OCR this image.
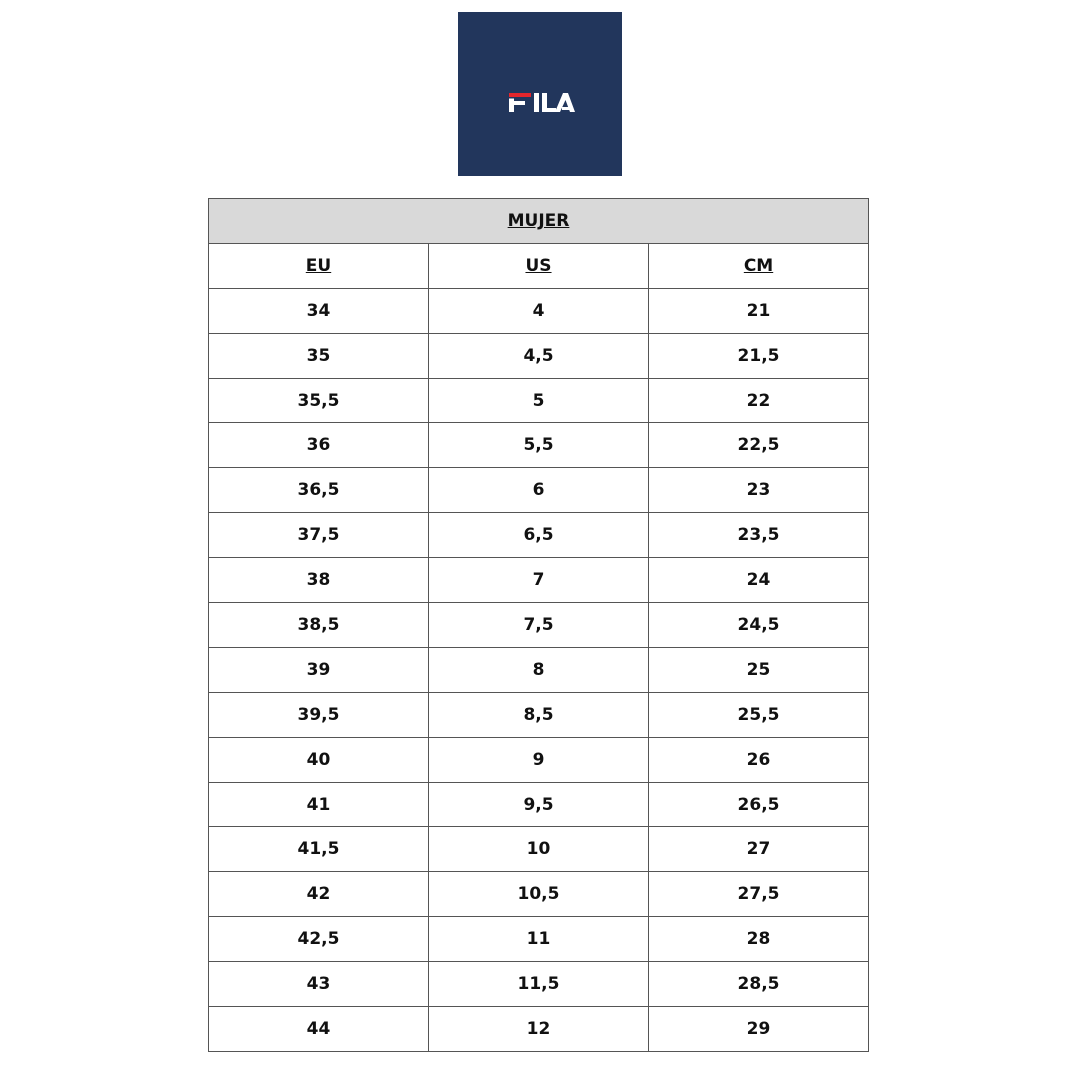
MUJER		
EU	US	CM
34	4	21
35	4,5	21,5
35,5	5	22
36	5,5	22,5
36,5	6	23
37,5	6,5	23,5
38	7	24
38,5	7,5	24,5
39	8	25
39,5	8,5	25,5
40	9	26
41	9,5	26,5
41,5	10	27
42	10,5	27,5
42,5	11	28
43	11,5	28,5
44	12	29
